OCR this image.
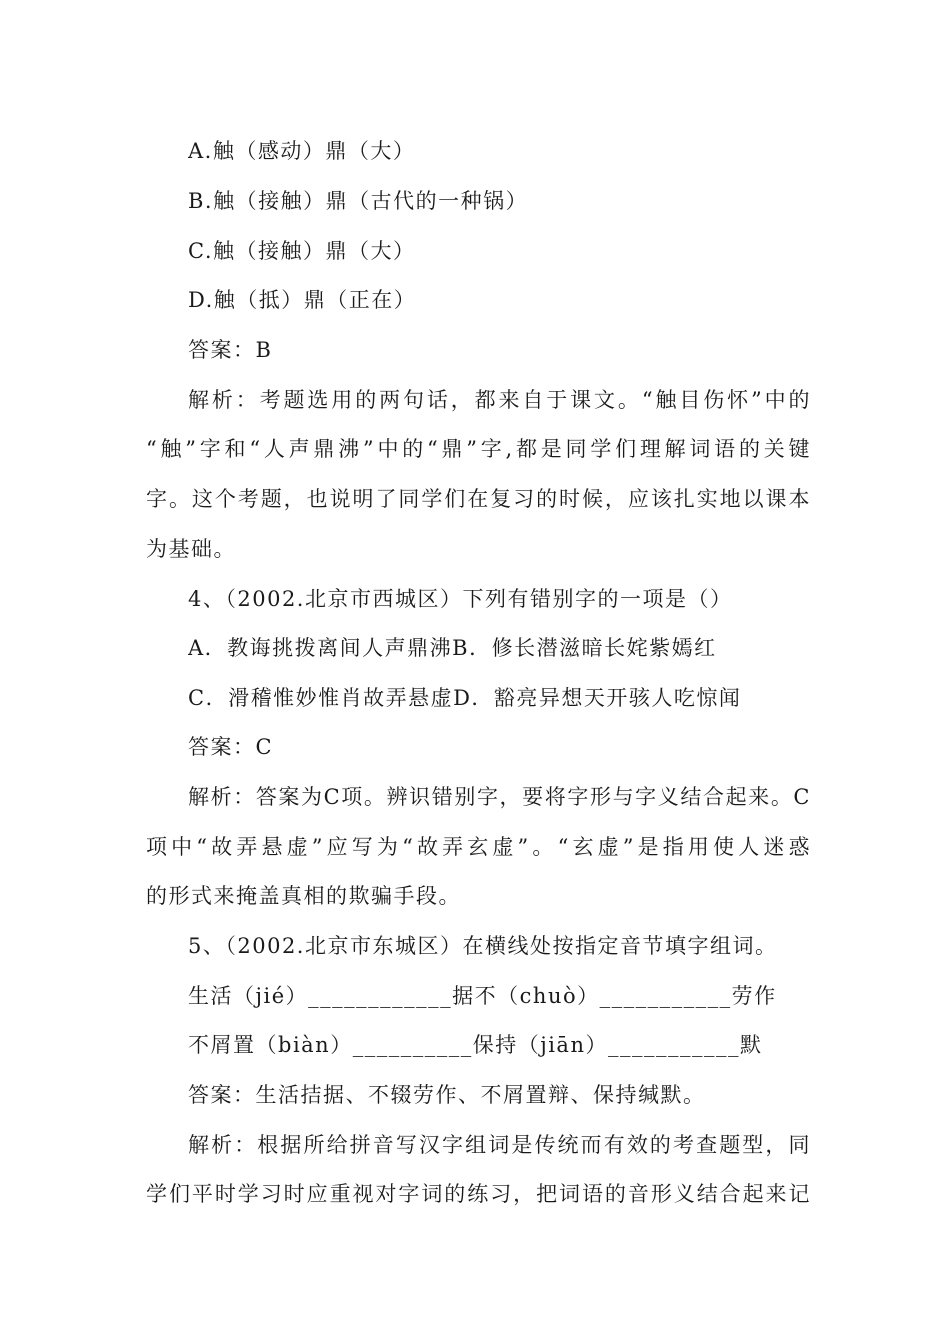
A.触（感动）鼎（大）
B.触（接触）鼎（古代的一种锅）
C.触（接触）鼎（大）
D.触（抵）鼎（正在）
答案：B
解析：考题选用的两句话，都来自于课文。“触目伤怀”中的
“触”字和“人声鼎沸”中的“鼎”字,都是同学们理解词语的关键
字。这个考题，也说明了同学们在复习的时候，应该扎实地以课本
为基础。
4、（2002.北京市西城区）下列有错别字的一项是（）
A．教诲挑拨离间人声鼎沸B．修长潜滋暗长姹紫嫣红
C．滑稽惟妙惟肖故弄悬虚D．豁亮异想天开骇人吃惊闻
答案：C
解析：答案为C项。辨识错别字，要将字形与字义结合起来。C
项中“故弄悬虚”应写为“故弄玄虚”。“玄虚”是指用使人迷惑
的形式来掩盖真相的欺骗手段。
5、（2002.北京市东城区）在横线处按指定音节填字组词。
生活（jié）____________据不（chuò）___________劳作
不屑置（biàn）__________保持（jiān）___________默
答案：生活拮据、不辍劳作、不屑置辩、保持缄默。
解析：根据所给拼音写汉字组词是传统而有效的考查题型，同
学们平时学习时应重视对字词的练习，把词语的音形义结合起来记
